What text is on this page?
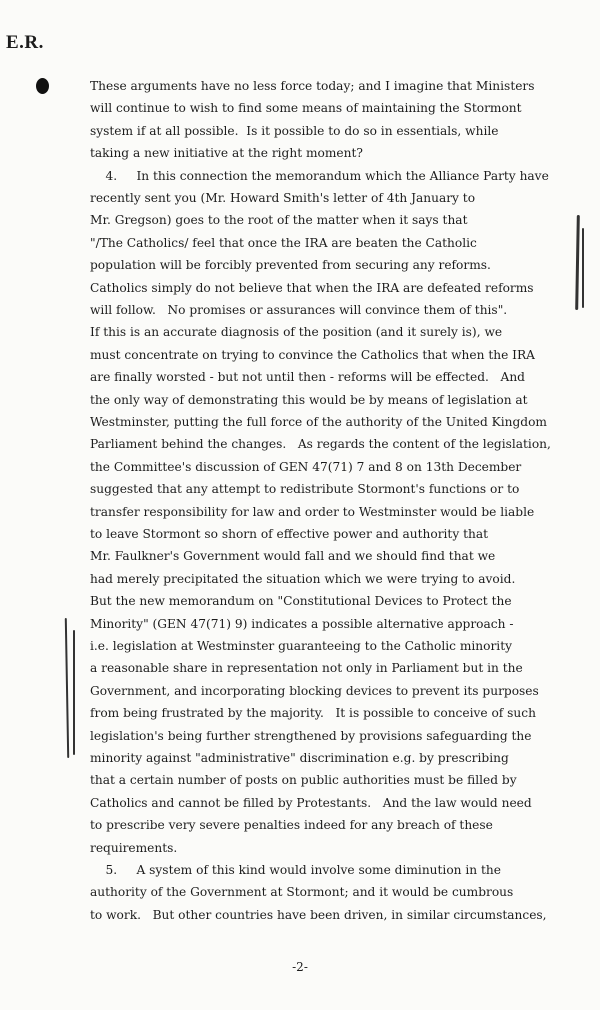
E.R.
These arguments have no less force today; and I imagine that Ministers
will continue to wish to find some means of maintaining the Stormont
system if at all possible.  Is it possible to do so in essentials, while
taking a new initiative at the right moment?
4.     In this connection the memorandum which the Alliance Party have
recently sent you (Mr. Howard Smith's letter of 4th January to
Mr. Gregson) goes to the root of the matter when it says that
"/The Catholics/ feel that once the IRA are beaten the Catholic
population will be forcibly prevented from securing any reforms.
Catholics simply do not believe that when the IRA are defeated reforms
will follow.   No promises or assurances will convince them of this".
If this is an accurate diagnosis of the position (and it surely is), we
must concentrate on trying to convince the Catholics that when the IRA
are finally worsted - but not until then - reforms will be effected.   And
the only way of demonstrating this would be by means of legislation at
Westminster, putting the full force of the authority of the United Kingdom
Parliament behind the changes.   As regards the content of the legislation,
the Committee's discussion of GEN 47(71) 7 and 8 on 13th December
suggested that any attempt to redistribute Stormont's functions or to
transfer responsibility for law and order to Westminster would be liable
to leave Stormont so shorn of effective power and authority that
Mr. Faulkner's Government would fall and we should find that we
had merely precipitated the situation which we were trying to avoid.
But the new memorandum on "Constitutional Devices to Protect the
Minority" (GEN 47(71) 9) indicates a possible alternative approach -
i.e. legislation at Westminster guaranteeing to the Catholic minority
a reasonable share in representation not only in Parliament but in the
Government, and incorporating blocking devices to prevent its purposes
from being frustrated by the majority.   It is possible to conceive of such
legislation's being further strengthened by provisions safeguarding the
minority against "administrative" discrimination e.g. by prescribing
that a certain number of posts on public authorities must be filled by
Catholics and cannot be filled by Protestants.   And the law would need
to prescribe very severe penalties indeed for any breach of these
requirements.
5.     A system of this kind would involve some diminution in the
authority of the Government at Stormont; and it would be cumbrous
to work.   But other countries have been driven, in similar circumstances,
-2-
